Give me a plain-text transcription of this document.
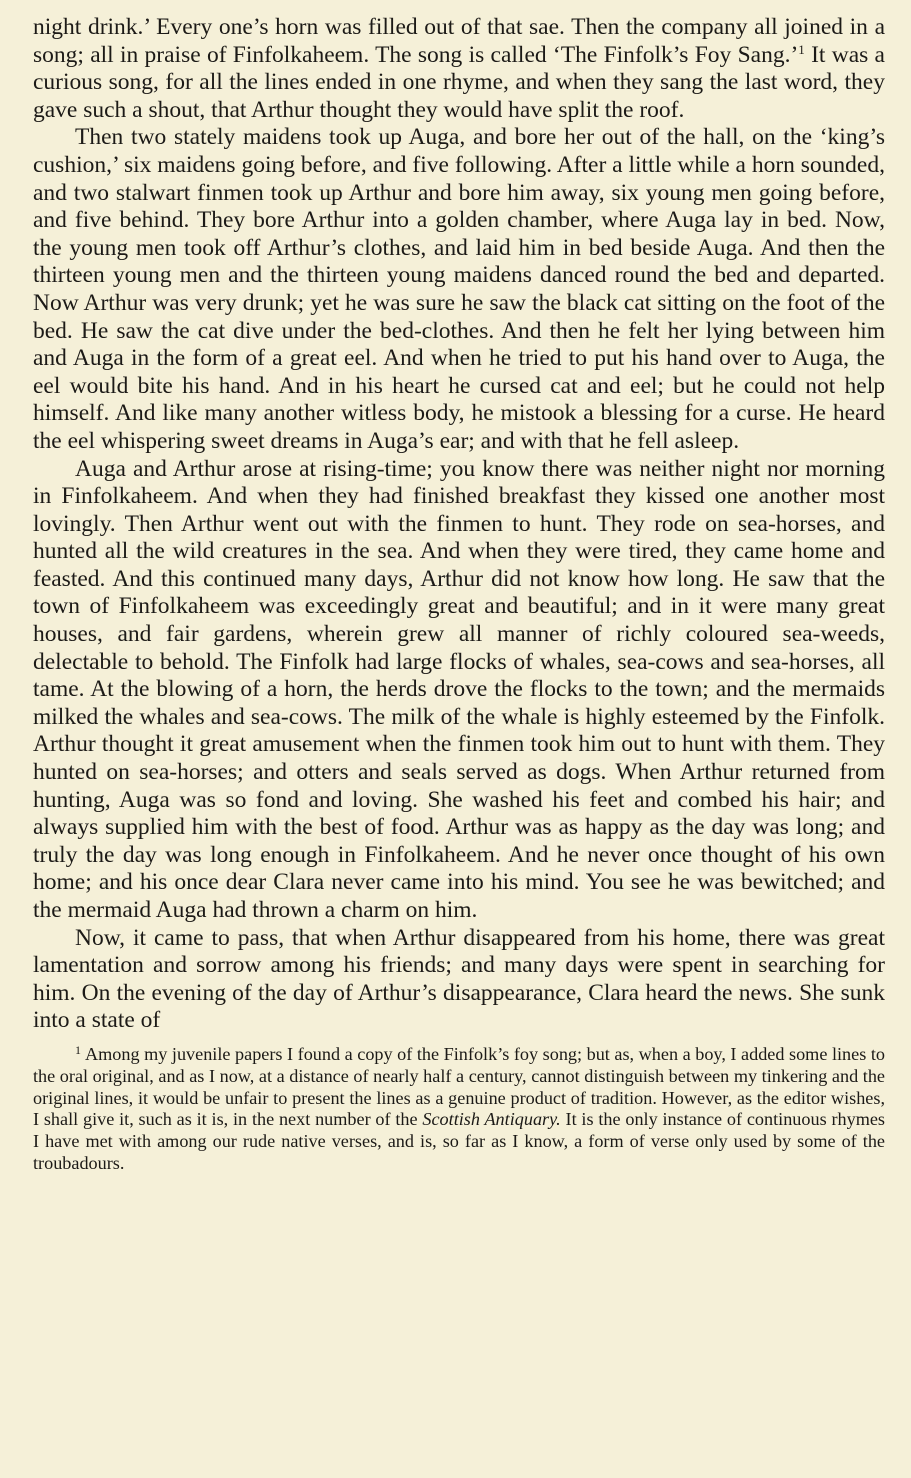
night drink.’ Every one’s horn was filled out of that sae. Then the company all joined in a song; all in praise of Finfolkaheem. The song is called ‘The Finfolk’s Foy Sang.’$^1$ It was a curious song, for all the lines ended in one rhyme, and when they sang the last word, they gave such a shout, that Arthur thought they would have split the roof.

Then two stately maidens took up Auga, and bore her out of the hall, on the ‘king’s cushion,’ six maidens going before, and five following. After a little while a horn sounded, and two stalwart finmen took up Arthur and bore him away, six young men going before, and five behind. They bore Arthur into a golden chamber, where Auga lay in bed. Now, the young men took off Arthur’s clothes, and laid him in bed beside Auga. And then the thirteen young men and the thirteen young maidens danced round the bed and departed. Now Arthur was very drunk; yet he was sure he saw the black cat sitting on the foot of the bed. He saw the cat dive under the bed-clothes. And then he felt her lying between him and Auga in the form of a great eel. And when he tried to put his hand over to Auga, the eel would bite his hand. And in his heart he cursed cat and eel; but he could not help himself. And like many another witless body, he mistook a blessing for a curse. He heard the eel whispering sweet dreams in Auga’s ear; and with that he fell asleep.

Auga and Arthur arose at rising-time; you know there was neither night nor morning in Finfolkaheem. And when they had finished breakfast they kissed one another most lovingly. Then Arthur went out with the finmen to hunt. They rode on sea-horses, and hunted all the wild creatures in the sea. And when they were tired, they came home and feasted. And this continued many days, Arthur did not know how long. He saw that the town of Finfolkaheem was exceedingly great and beautiful; and in it were many great houses, and fair gardens, wherein grew all manner of richly coloured sea-weeds, delectable to behold. The Finfolk had large flocks of whales, sea-cows and sea-horses, all tame. At the blowing of a horn, the herds drove the flocks to the town; and the mermaids milked the whales and sea-cows. The milk of the whale is highly esteemed by the Finfolk. Arthur thought it great amusement when the finmen took him out to hunt with them. They hunted on sea-horses; and otters and seals served as dogs. When Arthur returned from hunting, Auga was so fond and loving. She washed his feet and combed his hair; and always supplied him with the best of food. Arthur was as happy as the day was long; and truly the day was long enough in Finfolkaheem. And he never once thought of his own home; and his once dear Clara never came into his mind. You see he was bewitched; and the mermaid Auga had thrown a charm on him.

Now, it came to pass, that when Arthur disappeared from his home, there was great lamentation and sorrow among his friends; and many days were spent in searching for him. On the evening of the day of Arthur’s disappearance, Clara heard the news. She sunk into a state of

$^1$ Among my juvenile papers I found a copy of the Finfolk’s foy song; but as, when a boy, I added some lines to the oral original, and as I now, at a distance of nearly half a century, cannot distinguish between my tinkering and the original lines, it would be unfair to present the lines as a genuine product of tradition. However, as the editor wishes, I shall give it, such as it is, in the next number of the Scottish Antiquary. It is the only instance of continuous rhymes I have met with among our rude native verses, and is, so far as I know, a form of verse only used by some of the troubadours.
